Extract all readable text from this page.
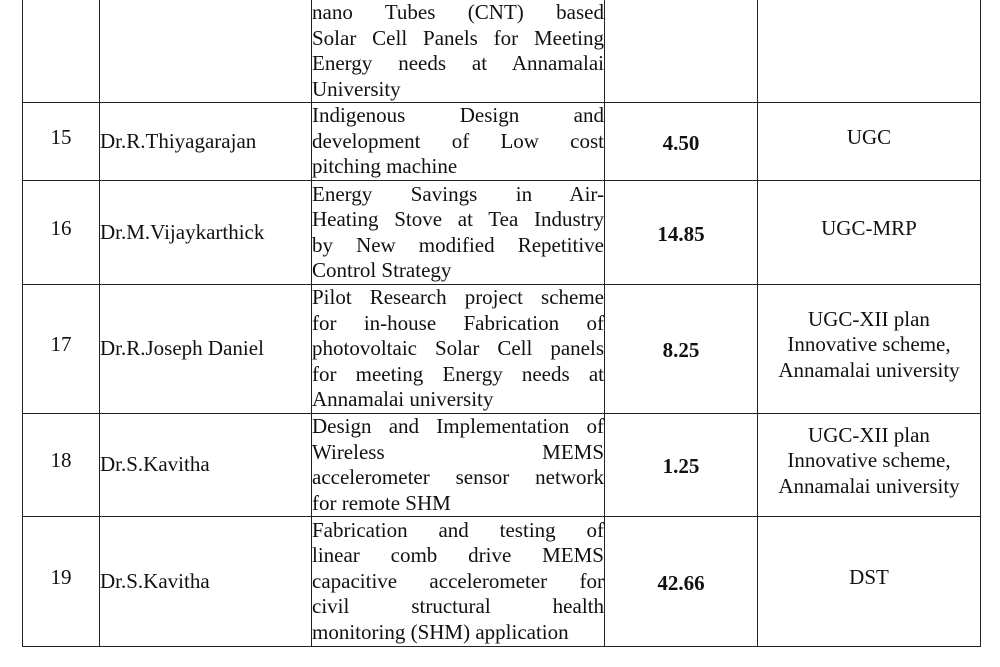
		nano Tubes (CNT) based
Solar Cell Panels for Meeting
Energy needs at Annamalai
University		

15	Dr.R.Thiyagarajan	Indigenous Design and
development of Low cost
pitching machine	4.50	UGC

16	Dr.M.Vijaykarthick	Energy Savings in Air-
Heating Stove at Tea Industry
by New modified Repetitive
Control Strategy	14.85	UGC-MRP

17	Dr.R.Joseph Daniel	Pilot Research project scheme
for in-house Fabrication of
photovoltaic Solar Cell panels
for meeting Energy needs at
Annamalai university	8.25	UGC-XII plan
Innovative scheme,
Annamalai university

18	Dr.S.Kavitha	Design and Implementation of
Wireless MEMS
accelerometer sensor network
for remote SHM	1.25	UGC-XII plan
Innovative scheme,
Annamalai university

19	Dr.S.Kavitha	Fabrication and testing of
linear comb drive MEMS
capacitive accelerometer for
civil structural health
monitoring (SHM) application	42.66	DST
